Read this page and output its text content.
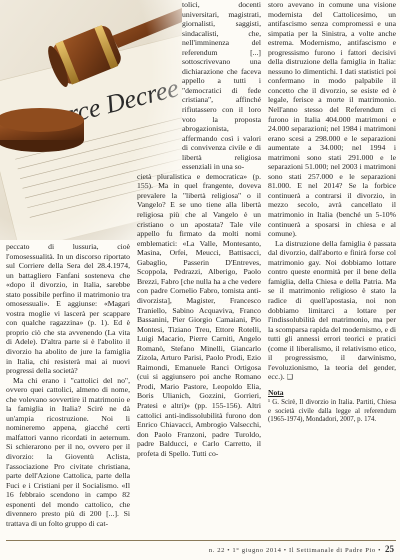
peccato di lussuria, cioè l'omosessualità. In un discorso riportato sul Corriere della Sera del 28.4.1974, un battagliero Fanfani sosteneva che «dopo il divorzio, in Italia, sarebbe stato possibile perfino il matrimonio tra omosessuali». E aggiunse: «Magari vostra moglie vi lascerà per scappare con qualche ragazzina» (p. 1). Ed è proprio ciò che sta avvenendo (La vita di Adele). D'altra parte si è l'abolito il divorzio ha abolito de jure la famiglia in Italia, chi resisterà mai ai nuovi progressi della società?

Ma chi erano i "cattolici del no", ovvero quei cattolici, almeno di nome, che volevano sovvertire il matrimonio e la famiglia in Italia? Scirè ne dà un'ampia ricostruzione. Noi li nomineremo appena, giacché certi malfattori vanno ricordati in aeternum. Si schierarono per il no, ovvero per il divorzio: la Gioventù Aclista, l'associazione Pro civitate christiana, parte dell'Azione Cattolica, parte della Fuci e i Cristiani per il Socialismo. «Il 16 febbraio scendono in campo 82 esponenti del mondo cattolico, che divennero presto più di 200 [...]. Si trattava di un folto gruppo di cat-

tolici, docenti universitari, magistrati, giornalisti, saggisti, sindacalisti, che, nell'imminenza del referendum [...] sottoscrivevano una dichiarazione che faceva appello a tutti i "democratici di fede cristiana", affinché rifiutassero con il loro voto la proposta abrogazionista, affermando così i valori di convivenza civile e di libertà religiosa essenziali in una so-

cietà pluralistica e democratica» (p. 155). Ma in quel frangente, doveva prevalere la "libertà religiosa" o il Vangelo? E se uno tiene alla libertà religiosa più che al Vangelo è un cristiano o un apostata? Tale vile appello fu firmato da molti nomi emblematici: «La Valle, Montesanto, Masina, Orfei, Meucci, Battisacci, Gabaglio, Passerin D'Entreves, Scoppola, Pedrazzi, Alberigo, Paolo Brezzi, Fabro [che nulla ha a che vedere con padre Cornelio Fabro, tomista anti-divorzista], Magister, Francesco Traniello, Sabino Acquaviva, Franco Bassanini, Pier Giorgio Camaiani, Pio Montesi, Tiziano Treu, Ettore Rotelli, Luigi Macario, Pierre Carniti, Angelo Romanò, Stefano Minelli, Giancarlo Zizola, Arturo Parisi, Paolo Prodi, Ezio Raimondi, Emanuele Ranci Ortigosa (cui si aggiunsero poi anche Romano Prodi, Mario Pastore, Leopoldo Elia, Boris Ulianich, Gozzini, Gorrieri, Pratesi e altri)» (pp. 155-156). Altri cattolici anti-indissolubilità furono don Enrico Chiavacci, Ambrogio Valsecchi, don Paolo Franzoni, padre Turoldo, padre Balducci, e Carlo Carretto, il profeta di Spello. Tutti co-

storo avevano in comune una visione modernista del Cattolicesimo, un antifascismo senza compromessi e una simpatia per la Sinistra, a volte anche estrema. Modernismo, antifascismo e progressismo furono i fattori decisivi della distruzione della famiglia in Italia: nessuno lo dimentichi. I dati statistici poi confermano in modo palpabile il concetto che il divorzio, se esiste ed è legale, ferisce a morte il matrimonio. Nell'anno stesso del Referendum ci furono in Italia 404.000 matrimoni e 24.000 separazioni; nel 1984 i matrimoni erano scesi a 298.000 e le separazioni aumentate a 34.000; nel 1994 i matrimoni sono stati 291.000 e le separazioni 51.000; nel 2003 i matrimoni sono stati 257.000 e le separazioni 81.000. E nel 2014? Se la forbice continuerà a contrarsi il divorzio, in mezzo secolo, avrà cancellato il matrimonio in Italia (benché un 5-10% continuerà a sposarsi in chiesa e al comune).

La distruzione della famiglia è passata dal divorzio, dall'aborto e finirà forse col matrimonio gay. Noi dobbiamo lottare contro queste enormità per il bene della famiglia, della Chiesa e della Patria. Ma se il matrimonio religioso è stato la radice di quell'apostasia, noi non dobbiamo limitarci a lottare per l'indissolubilità del matrimonio, ma per la scomparsa rapida del modernismo, e di tutti gli annessi errori teorici e pratici (come il liberalismo, il relativismo etico, il progressismo, il darwinismo, l'evoluzionismo, la teoria del gender, ecc.). ❑

Nota
¹ G. Scirè, Il divorzio in Italia. Partiti, Chiesa e società civile dalla legge al referendum (1965-1974), Mondadori, 2007, p. 174.
n. 22 • 1° giugno 2014 • Il Settimanale di Padre Pio • 25
